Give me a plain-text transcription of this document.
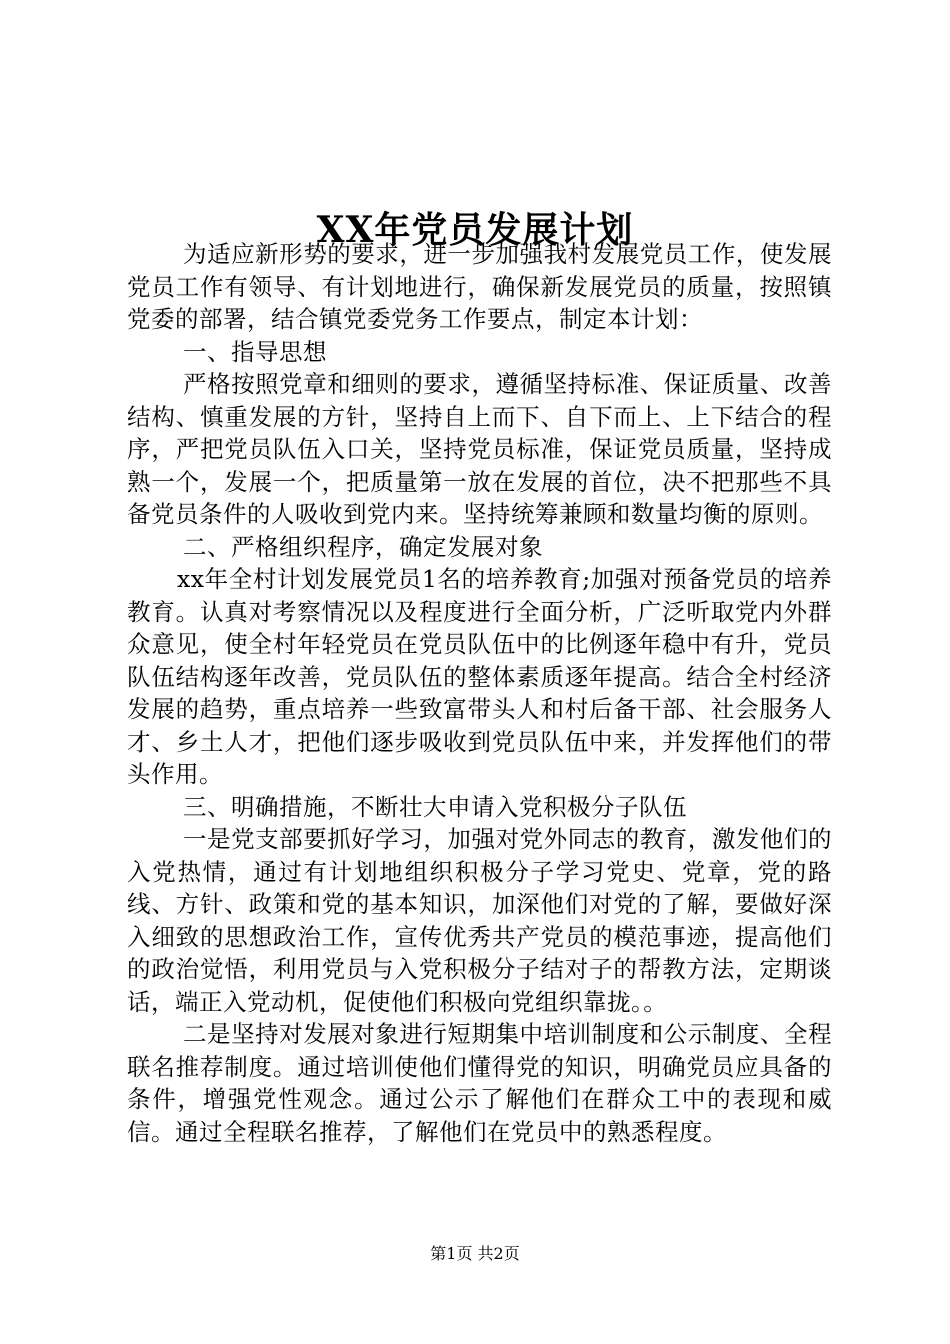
XX年党员发展计划

为适应新形势的要求，进一步加强我村发展党员工作，使发展党员工作有领导、有计划地进行，确保新发展党员的质量，按照镇党委的部署，结合镇党委党务工作要点，制定本计划：

一、指导思想

严格按照党章和细则的要求，遵循坚持标准、保证质量、改善结构、慎重发展的方针，坚持自上而下、自下而上、上下结合的程序，严把党员队伍入口关，坚持党员标准，保证党员质量，坚持成熟一个，发展一个，把质量第一放在发展的首位，决不把那些不具备党员条件的人吸收到党内来。坚持统筹兼顾和数量均衡的原则。

二、严格组织程序，确定发展对象

xx年全村计划发展党员1名的培养教育;加强对预备党员的培养教育。认真对考察情况以及程度进行全面分析，广泛听取党内外群众意见，使全村年轻党员在党员队伍中的比例逐年稳中有升，党员队伍结构逐年改善，党员队伍的整体素质逐年提高。结合全村经济发展的趋势，重点培养一些致富带头人和村后备干部、社会服务人才、乡土人才，把他们逐步吸收到党员队伍中来，并发挥他们的带头作用。

三、明确措施，不断壮大申请入党积极分子队伍

一是党支部要抓好学习，加强对党外同志的教育，激发他们的入党热情，通过有计划地组织积极分子学习党史、党章，党的路线、方针、政策和党的基本知识，加深他们对党的了解，要做好深入细致的思想政治工作，宣传优秀共产党员的模范事迹，提高他们的政治觉悟，利用党员与入党积极分子结对子的帮教方法，定期谈话，端正入党动机，促使他们积极向党组织靠拢。。

二是坚持对发展对象进行短期集中培训制度和公示制度、全程联名推荐制度。通过培训使他们懂得党的知识，明确党员应具备的条件，增强党性观念。通过公示了解他们在群众工中的表现和威信。通过全程联名推荐，了解他们在党员中的熟悉程度。

第1页 共2页
